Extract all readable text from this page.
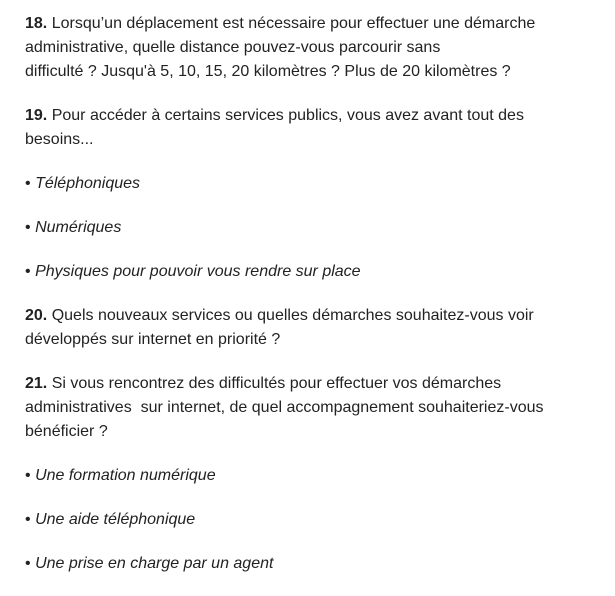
18. Lorsqu’un déplacement est nécessaire pour effectuer une démarche
administrative, quelle distance pouvez-vous parcourir sans
difficulté ? Jusqu'à 5, 10, 15, 20 kilomètres ? Plus de 20 kilomètres ?
19. Pour accéder à certains services publics, vous avez avant tout des
besoins...
• Téléphoniques
• Numériques
• Physiques pour pouvoir vous rendre sur place
20. Quels nouveaux services ou quelles démarches souhaitez-vous voir
développés sur internet en priorité ?
21. Si vous rencontrez des difficultés pour effectuer vos démarches
administratives  sur internet, de quel accompagnement souhaiteriez-vous
bénéficier ?
• Une formation numérique
• Une aide téléphonique
• Une prise en charge par un agent
